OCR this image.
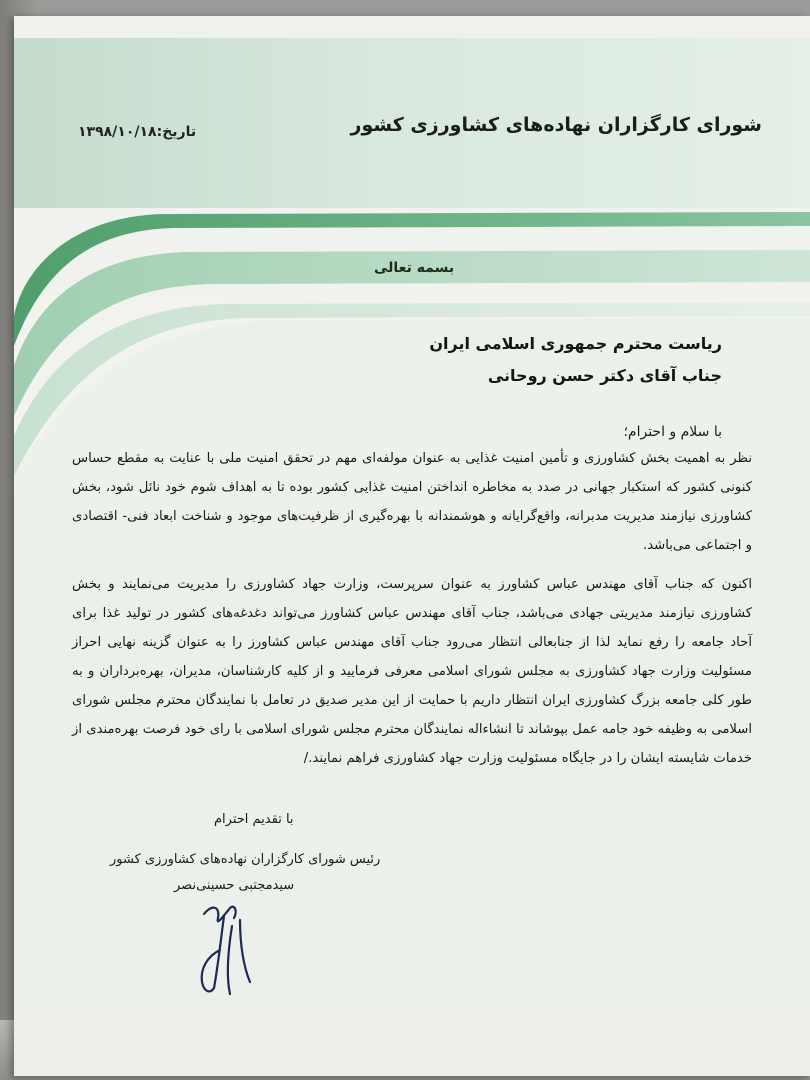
شورای کارگزاران نهاده‌های کشاورزی کشور
تاریخ:۱۳۹۸/۱۰/۱۸
بسمه تعالی
ریاست محترم جمهوری اسلامی ایران
جناب آقای دکتر حسن روحانی
با سلام و احترام؛

نظر به اهمیت بخش کشاورزی و تأمین امنیت غذایی به عنوان مولفه‌ای مهم در تحقق امنیت ملی با عنایت به مقطع حساس کنونی کشور که استکبار جهانی در صدد به مخاطره انداختن امنیت غذایی کشور بوده تا به اهداف شوم خود نائل شود، بخش کشاورزی نیازمند مدیریت مدبرانه، واقع‌گرایانه و هوشمندانه با بهره‌گیری از ظرفیت‌های موجود و شناخت ابعاد فنی- اقتصادی و اجتماعی می‌باشد.

اکنون که جناب آقای مهندس عباس کشاورز به عنوان سرپرست، وزارت جهاد کشاورزی را مدیریت می‌نمایند و بخش کشاورزی نیازمند مدیریتی جهادی می‌باشد، جناب آقای مهندس عباس کشاورز می‌تواند دغدغه‌های کشور در تولید غذا برای آحاد جامعه را رفع نماید لذا از جنابعالی انتظار می‌رود جناب آقای مهندس عباس کشاورز را به عنوان گزینه نهایی احراز مسئولیت وزارت جهاد کشاورزی به مجلس شورای اسلامی معرفی فرمایید و از کلیه کارشناسان، مدیران، بهره‌برداران و به طور کلی جامعه بزرگ کشاورزی ایران انتظار داریم با حمایت از این مدیر صدیق در تعامل با نمایندگان محترم مجلس شورای اسلامی به وظیفه خود جامه عمل بپوشاند تا انشاءاله نمایندگان محترم مجلس شورای اسلامی با رای خود فرصت بهره‌مندی از خدمات شایسته ایشان را در جایگاه مسئولیت وزارت جهاد کشاورزی فراهم نمایند./

با تقدیم احترام
رئیس شورای کارگزاران نهاده‌های کشاورزی کشور
سیدمجتبی حسینی‌نصر
